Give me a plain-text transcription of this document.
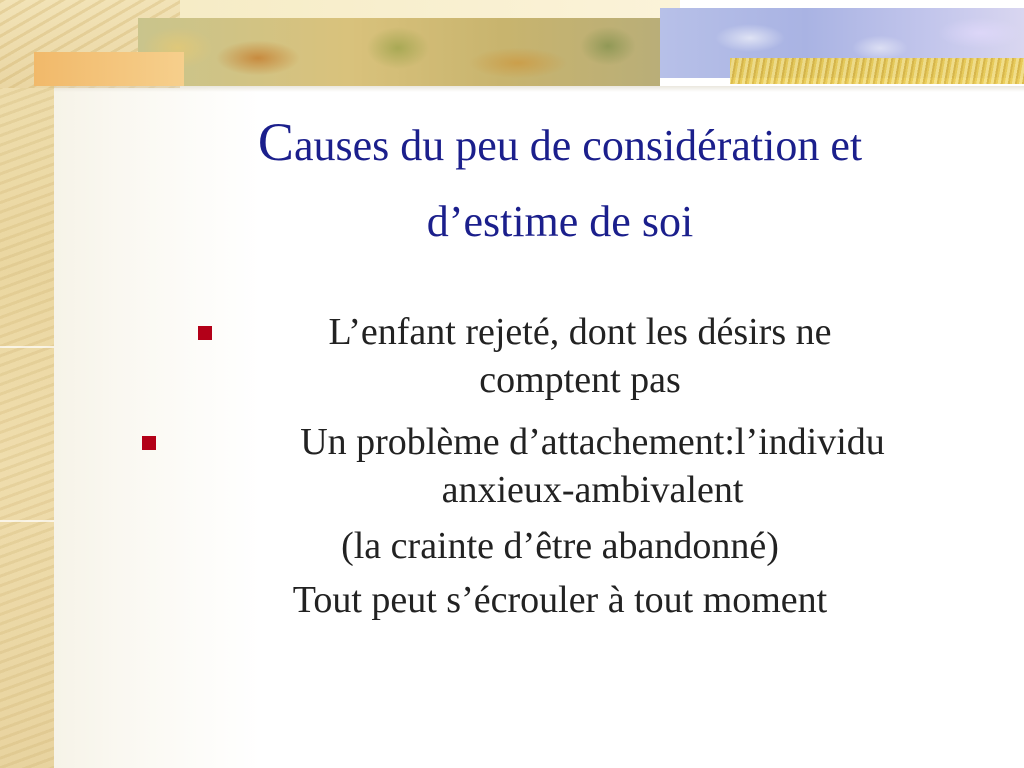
Causes du peu de considération et
d’estime de soi

L’enfant rejeté, dont les désirs ne
comptent pas

Un problème d’attachement:l’individu
anxieux-ambivalent

(la crainte d’être abandonné)

Tout peut s’écrouler à tout moment
